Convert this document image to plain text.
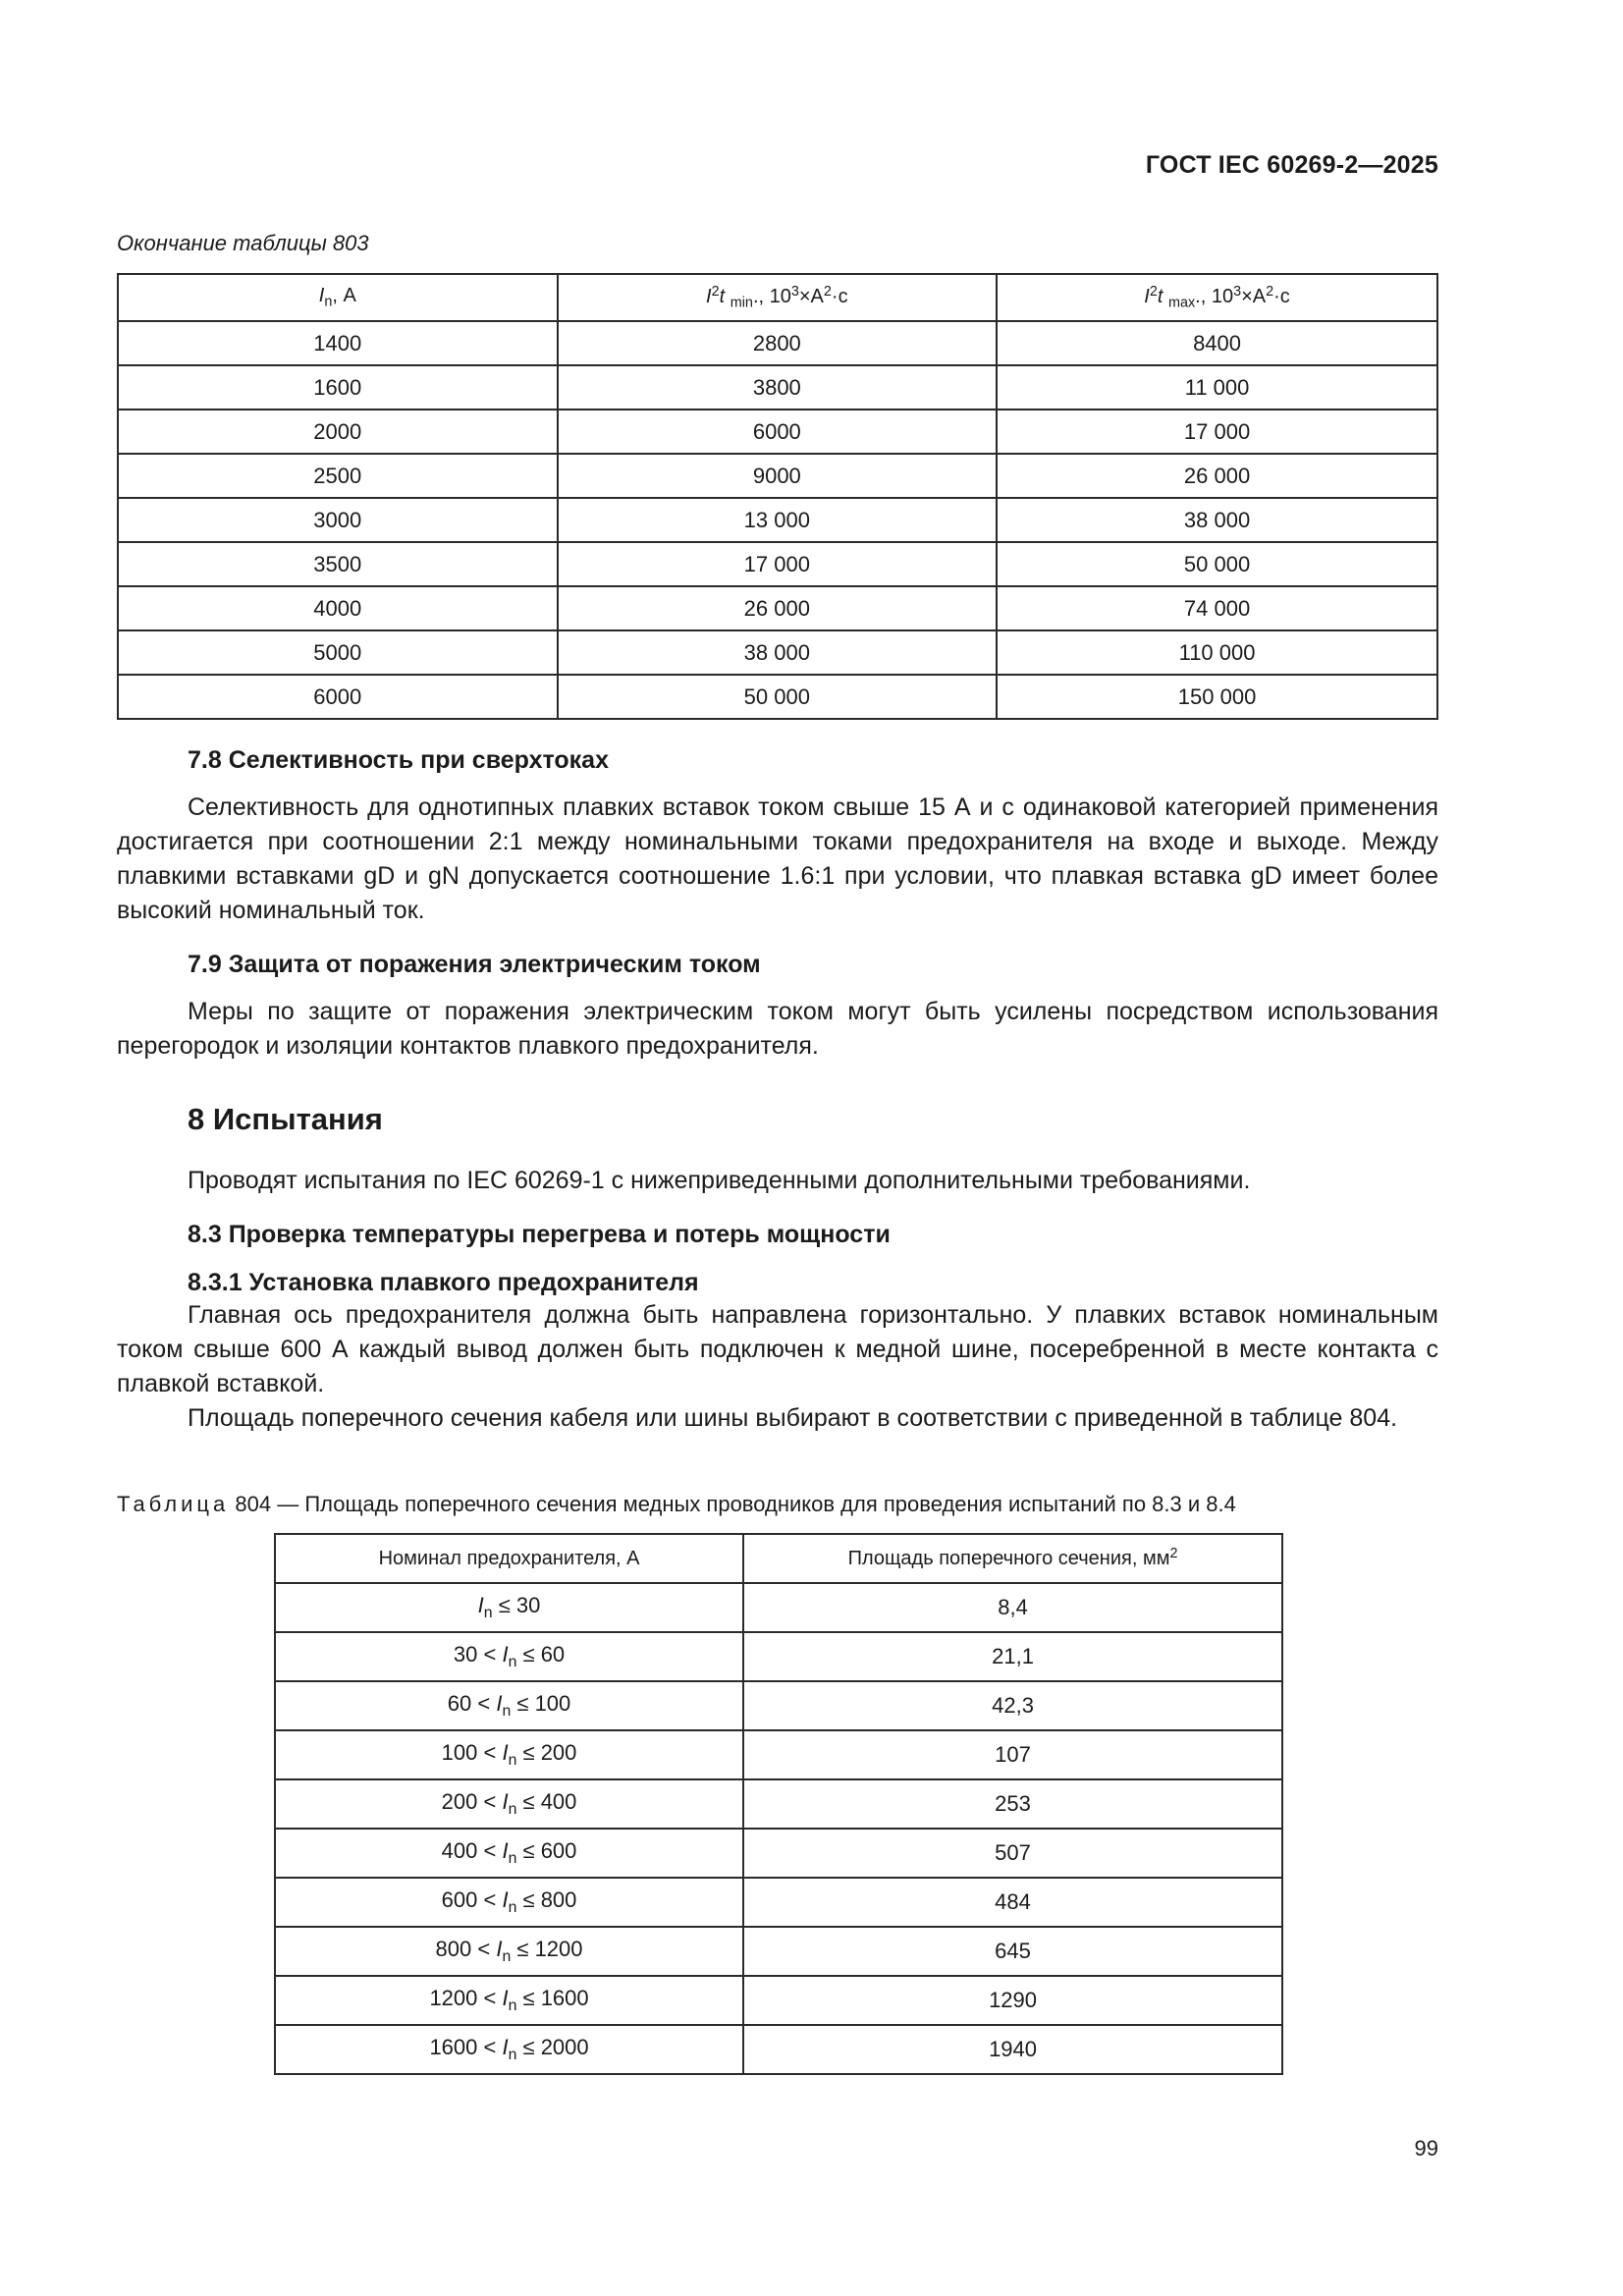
ГОСТ IEC 60269-2—2025
Окончание таблицы 803
$I_n$, А	$I^2t$ $_{min}$., $10^3\times А^2\cdot с$	$I^2t$ $_{max}$., $10^3\times А^2\cdot с$
1400	2800	8400
1600	3800	11 000
2000	6000	17 000
2500	9000	26 000
3000	13 000	38 000
3500	17 000	50 000
4000	26 000	74 000
5000	38 000	110 000
6000	50 000	150 000
7.8 Селективность при сверхтоках
Селективность для однотипных плавких вставок током свыше 15 А и с одинаковой категорией применения достигается при соотношении 2:1 между номинальными токами предохранителя на входе и выходе. Между плавкими вставками gD и gN допускается соотношение 1.6:1 при условии, что плавкая вставка gD имеет более высокий номинальный ток.
7.9 Защита от поражения электрическим током
Меры по защите от поражения электрическим током могут быть усилены посредством использования перегородок и изоляции контактов плавкого предохранителя.
8 Испытания
Проводят испытания по IEC 60269-1 с нижеприведенными дополнительными требованиями.
8.3 Проверка температуры перегрева и потерь мощности
8.3.1 Установка плавкого предохранителя
Главная ось предохранителя должна быть направлена горизонтально. У плавких вставок номинальным током свыше 600 А каждый вывод должен быть подключен к медной шине, посеребренной в месте контакта с плавкой вставкой.
Площадь поперечного сечения кабеля или шины выбирают в соответствии с приведенной в таблице 804.
Таблица 804 — Площадь поперечного сечения медных проводников для проведения испытаний по 8.3 и 8.4
Номинал предохранителя, А	Площадь поперечного сечения, $мм^2$
$I_n \le 30$	8,4
$30 < I_n \le 60$	21,1
$60 < I_n \le 100$	42,3
$100 < I_n \le 200$	107
$200 < I_n \le 400$	253
$400 < I_n \le 600$	507
$600 < I_n \le 800$	484
$800 < I_n \le 1200$	645
$1200 < I_n \le 1600$	1290
$1600 < I_n \le 2000$	1940
99
